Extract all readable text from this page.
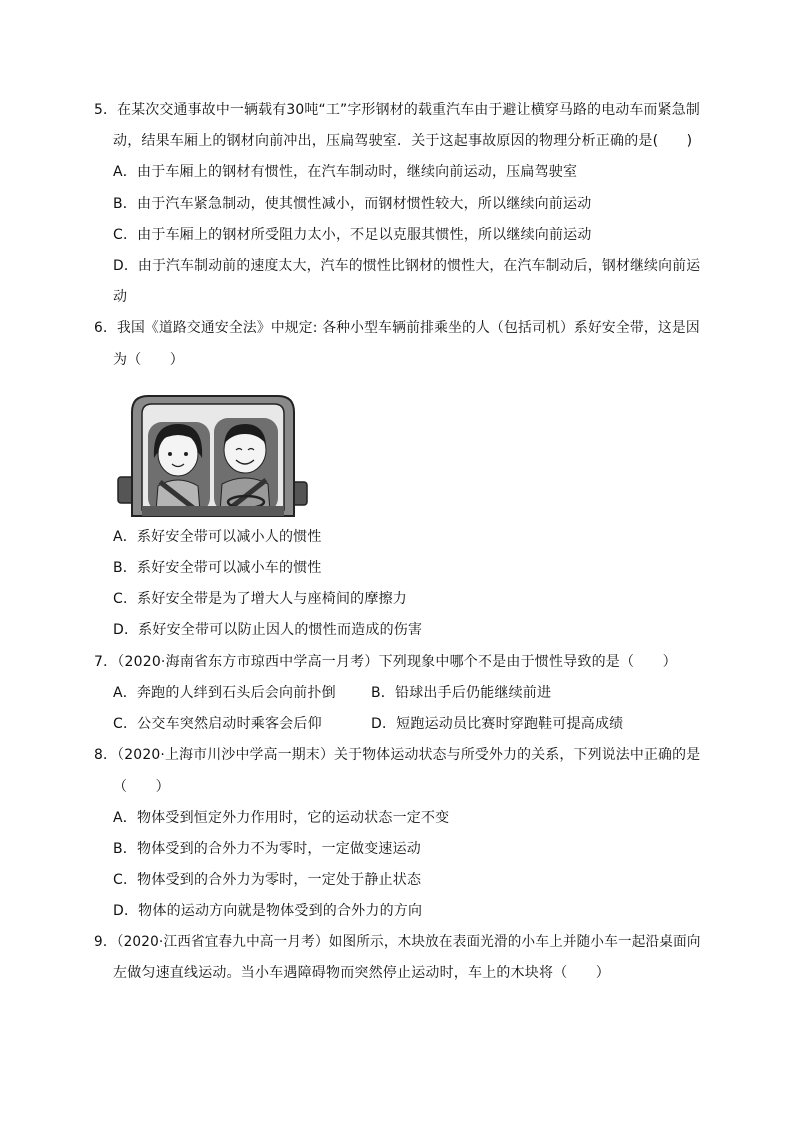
5．在某次交通事故中一辆载有30吨“工”字形钢材的载重汽车由于避让横穿马路的电动车而紧急制
动，结果车厢上的钢材向前冲出，压扁驾驶室．关于这起事故原因的物理分析正确的是(　　)
A．由于车厢上的钢材有惯性，在汽车制动时，继续向前运动，压扁驾驶室
B．由于汽车紧急制动，使其惯性减小，而钢材惯性较大，所以继续向前运动
C．由于车厢上的钢材所受阻力太小，不足以克服其惯性，所以继续向前运动
D．由于汽车制动前的速度太大，汽车的惯性比钢材的惯性大，在汽车制动后，钢材继续向前运
动
6．我国《道路交通安全法》中规定: 各种小型车辆前排乘坐的人（包括司机）系好安全带，这是因
为（　　）
A．系好安全带可以减小人的惯性
B．系好安全带可以减小车的惯性
C．系好安全带是为了增大人与座椅间的摩擦力
D．系好安全带可以防止因人的惯性而造成的伤害
7．（2020·海南省东方市琼西中学高一月考）下列现象中哪个不是由于惯性导致的是（　　）
A．奔跑的人绊到石头后会向前扑倒	B．铅球出手后仍能继续前进
C．公交车突然启动时乘客会后仰	D．短跑运动员比赛时穿跑鞋可提高成绩
8．（2020·上海市川沙中学高一期末）关于物体运动状态与所受外力的关系，下列说法中正确的是
（　　）
A．物体受到恒定外力作用时，它的运动状态一定不变
B．物体受到的合外力不为零时，一定做变速运动
C．物体受到的合外力为零时，一定处于静止状态
D．物体的运动方向就是物体受到的合外力的方向
9．（2020·江西省宜春九中高一月考）如图所示，木块放在表面光滑的小车上并随小车一起沿桌面向
左做匀速直线运动。当小车遇障碍物而突然停止运动时，车上的木块将（　　）
